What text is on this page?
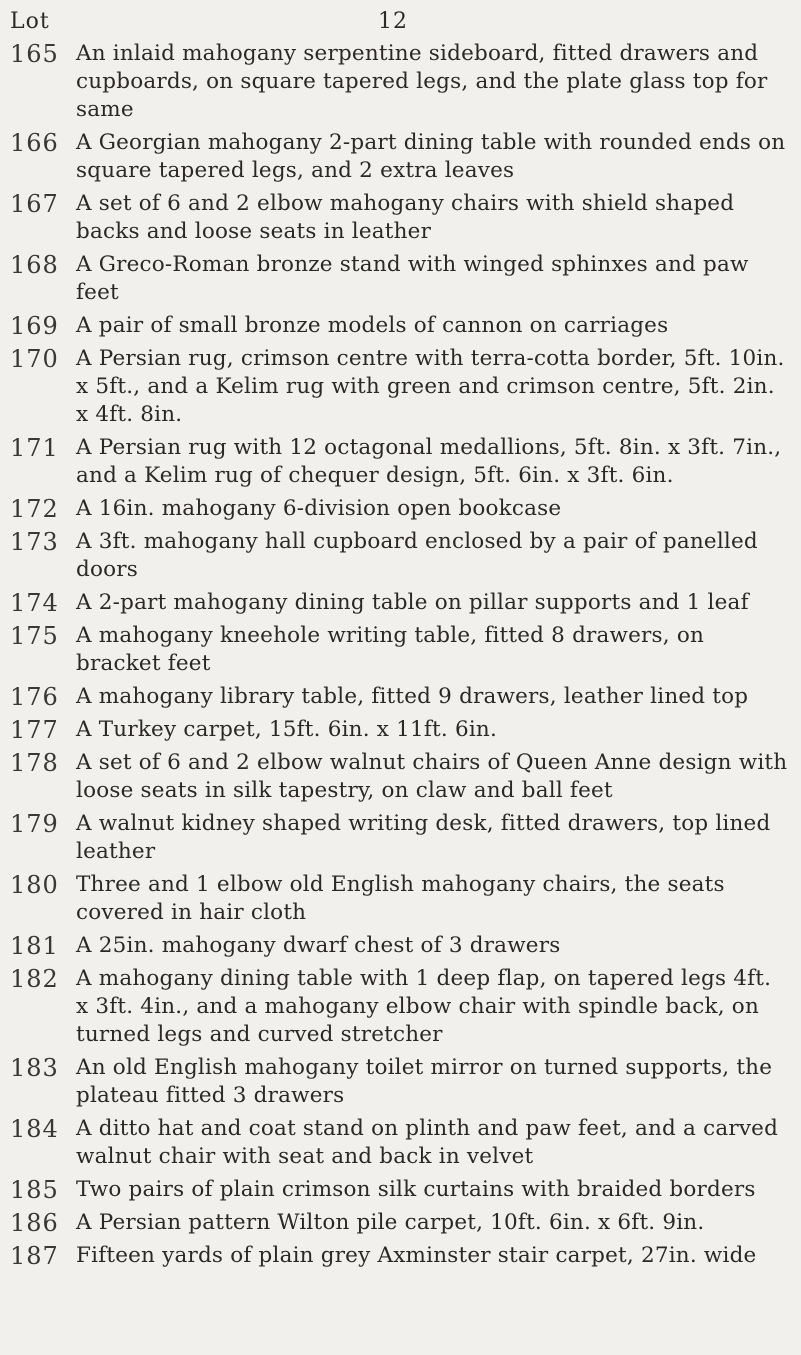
Lot	12
165 An inlaid mahogany serpentine sideboard, fitted drawers and cupboards, on square tapered legs, and the plate glass top for same
166 A Georgian mahogany 2-part dining table with rounded ends on square tapered legs, and 2 extra leaves
167 A set of 6 and 2 elbow mahogany chairs with shield shaped backs and loose seats in leather
168 A Greco-Roman bronze stand with winged sphinxes and paw feet
169 A pair of small bronze models of cannon on carriages
170 A Persian rug, crimson centre with terra-cotta border, 5ft. 10in. x 5ft., and a Kelim rug with green and crimson centre, 5ft. 2in. x 4ft. 8in.
171 A Persian rug with 12 octagonal medallions, 5ft. 8in. x 3ft. 7in., and a Kelim rug of chequer design, 5ft. 6in. x 3ft. 6in.
172 A 16in. mahogany 6-division open bookcase
173 A 3ft. mahogany hall cupboard enclosed by a pair of panelled doors
174 A 2-part mahogany dining table on pillar supports and 1 leaf
175 A mahogany kneehole writing table, fitted 8 drawers, on bracket feet
176 A mahogany library table, fitted 9 drawers, leather lined top
177 A Turkey carpet, 15ft. 6in. x 11ft. 6in.
178 A set of 6 and 2 elbow walnut chairs of Queen Anne design with loose seats in silk tapestry, on claw and ball feet
179 A walnut kidney shaped writing desk, fitted drawers, top lined leather
180 Three and 1 elbow old English mahogany chairs, the seats covered in hair cloth
181 A 25in. mahogany dwarf chest of 3 drawers
182 A mahogany dining table with 1 deep flap, on tapered legs 4ft. x 3ft. 4in., and a mahogany elbow chair with spindle back, on turned legs and curved stretcher
183 An old English mahogany toilet mirror on turned supports, the plateau fitted 3 drawers
184 A ditto hat and coat stand on plinth and paw feet, and a carved walnut chair with seat and back in velvet
185 Two pairs of plain crimson silk curtains with braided borders
186 A Persian pattern Wilton pile carpet, 10ft. 6in. x 6ft. 9in.
187 Fifteen yards of plain grey Axminster stair carpet, 27in. wide
